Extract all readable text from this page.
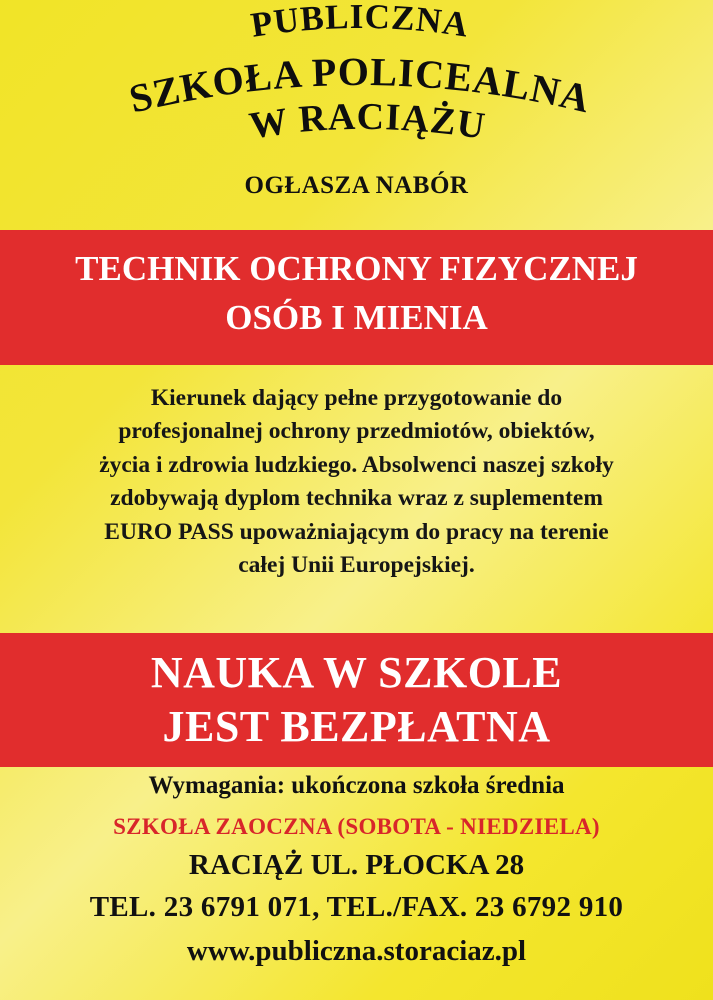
PUBLICZNA
SZKOŁA POLICEALNA
W RACIĄŻU
OGŁASZA NABÓR
TECHNIK OCHRONY FIZYCZNEJ
OSÓB I MIENIA
Kierunek dający pełne przygotowanie do
profesjonalnej ochrony przedmiotów, obiektów,
życia i zdrowia ludzkiego. Absolwenci naszej szkoły
zdobywają dyplom technika wraz z suplementem
EURO PASS upoważniającym do pracy na terenie
całej Unii Europejskiej.
NAUKA W SZKOLE
JEST BEZPŁATNA
Wymagania: ukończona szkoła średnia
SZKOŁA ZAOCZNA (SOBOTA - NIEDZIELA)
RACIĄŻ UL. PŁOCKA 28
TEL. 23 6791 071, TEL./FAX. 23 6792 910
www.publiczna.storaciaz.pl
